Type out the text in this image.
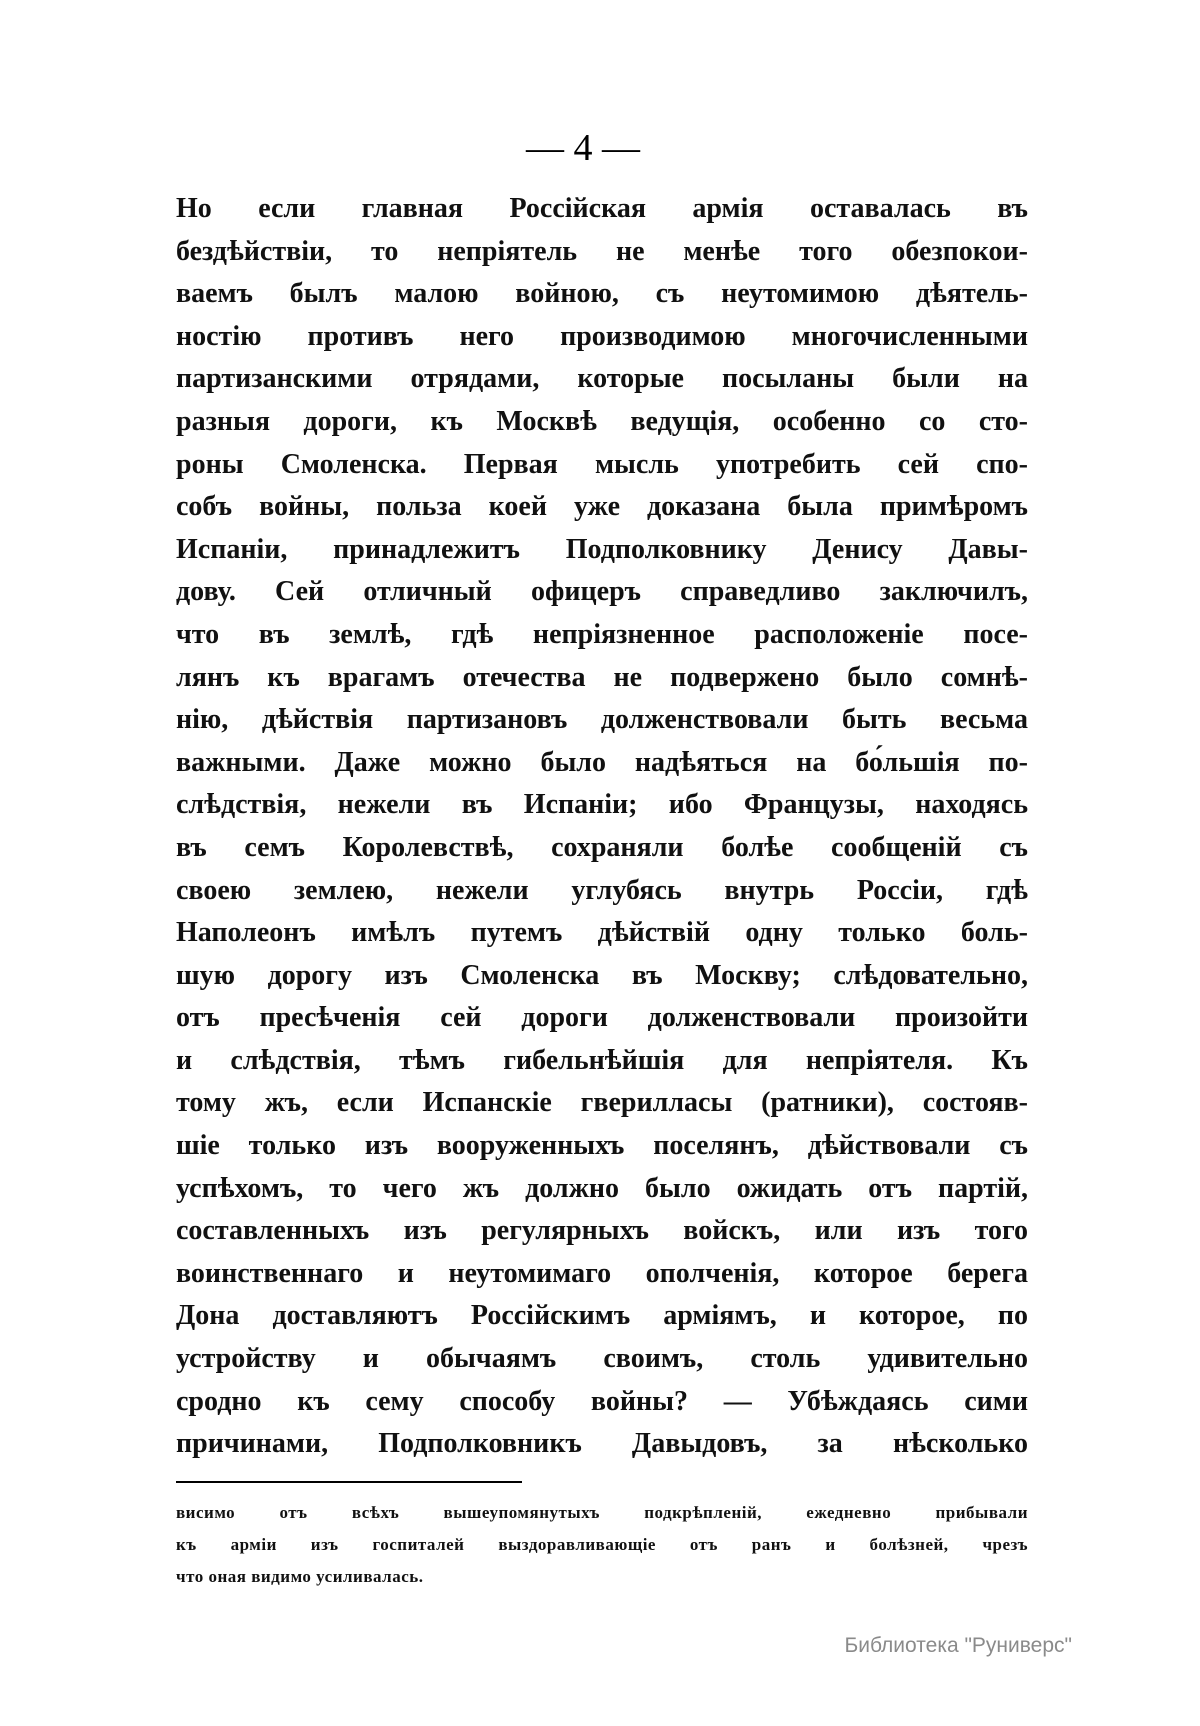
— 4 —
Но если главная Россійская армія оставалась въ
бездѣйствіи, то непріятель не менѣе того обезпокои-
ваемъ былъ малою войною, съ неутомимою дѣятель-
ностію противъ него производимою многочисленными
партизанскими отрядами, которые посыланы были на
разныя дороги, къ Москвѣ ведущія, особенно со сто-
роны Смоленска. Первая мысль употребить сей спо-
собъ войны, польза коей уже доказана была примѣромъ
Испаніи, принадлежитъ Подполковнику Денису Давы-
дову. Сей отличный офицеръ справедливо заключилъ,
что въ землѣ, гдѣ непріязненное расположеніе посе-
лянъ къ врагамъ отечества не подвержено было сомнѣ-
нію, дѣйствія партизановъ долженствовали быть весьма
важными. Даже можно было надѣяться на бо́льшія по-
слѣдствія, нежели въ Испаніи; ибо Французы, находясь
въ семъ Королевствѣ, сохраняли болѣе сообщеній съ
своею землею, нежели углубясь внутрь Россіи, гдѣ
Наполеонъ имѣлъ путемъ дѣйствій одну только боль-
шую дорогу изъ Смоленска въ Москву; слѣдовательно,
отъ пресѣченія сей дороги долженствовали произойти
и слѣдствія, тѣмъ гибельнѣйшія для непріятеля. Къ
тому жъ, если Испанскіе гверилласы (ратники), состояв-
шіе только изъ вооруженныхъ поселянъ, дѣйствовали съ
успѣхомъ, то чего жъ должно было ожидать отъ партій,
составленныхъ изъ регулярныхъ войскъ, или изъ того
воинственнаго и неутомимаго ополченія, которое берега
Дона доставляютъ Россійскимъ арміямъ, и которое, по
устройству и обычаямъ своимъ, столь удивительно
сродно къ сему способу войны? — Убѣждаясь сими
причинами, Подполковникъ Давыдовъ, за нѣсколько
висимо отъ всѣхъ вышеупомянутыхъ подкрѣпленій, ежедневно прибывали
къ арміи изъ госпиталей выздоравливающіе отъ ранъ и болѣзней, чрезъ
что оная видимо усиливалась.
Библиотека "Руниверс"
